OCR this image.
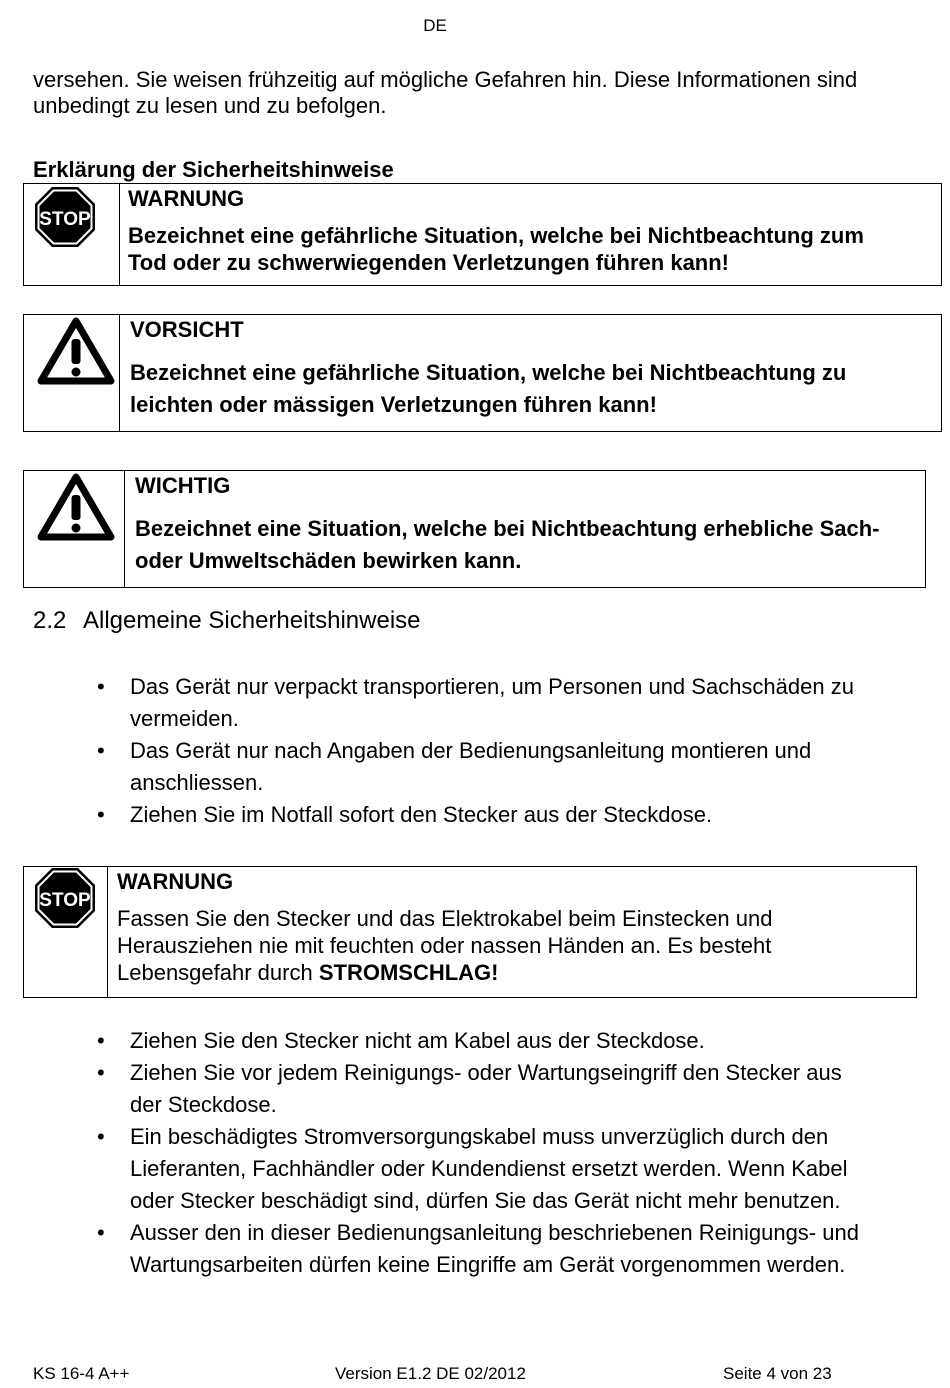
DE
versehen. Sie weisen frühzeitig auf mögliche Gefahren hin. Diese Informationen sind
unbedingt zu lesen und zu befolgen.
Erklärung der Sicherheitshinweise
STOP
WARNUNG
Bezeichnet eine gefährliche Situation, welche bei Nichtbeachtung zum
Tod oder zu schwerwiegenden Verletzungen führen kann!
VORSICHT
Bezeichnet eine gefährliche Situation, welche bei Nichtbeachtung zu
leichten oder mässigen Verletzungen führen kann!
WICHTIG
Bezeichnet eine Situation, welche bei Nichtbeachtung erhebliche Sach-
oder Umweltschäden bewirken kann.
2.2 Allgemeine Sicherheitshinweise
• Das Gerät nur verpackt transportieren, um Personen und Sachschäden zu
vermeiden.
• Das Gerät nur nach Angaben der Bedienungsanleitung montieren und
anschliessen.
• Ziehen Sie im Notfall sofort den Stecker aus der Steckdose.
STOP
WARNUNG
Fassen Sie den Stecker und das Elektrokabel beim Einstecken und
Herausziehen nie mit feuchten oder nassen Händen an. Es besteht
Lebensgefahr durch STROMSCHLAG!
• Ziehen Sie den Stecker nicht am Kabel aus der Steckdose.
• Ziehen Sie vor jedem Reinigungs- oder Wartungseingriff den Stecker aus
der Steckdose.
• Ein beschädigtes Stromversorgungskabel muss unverzüglich durch den
Lieferanten, Fachhändler oder Kundendienst ersetzt werden. Wenn Kabel
oder Stecker beschädigt sind, dürfen Sie das Gerät nicht mehr benutzen.
• Ausser den in dieser Bedienungsanleitung beschriebenen Reinigungs- und
Wartungsarbeiten dürfen keine Eingriffe am Gerät vorgenommen werden.
KS 16-4 A++	Version E1.2 DE 02/2012	Seite 4 von 23
